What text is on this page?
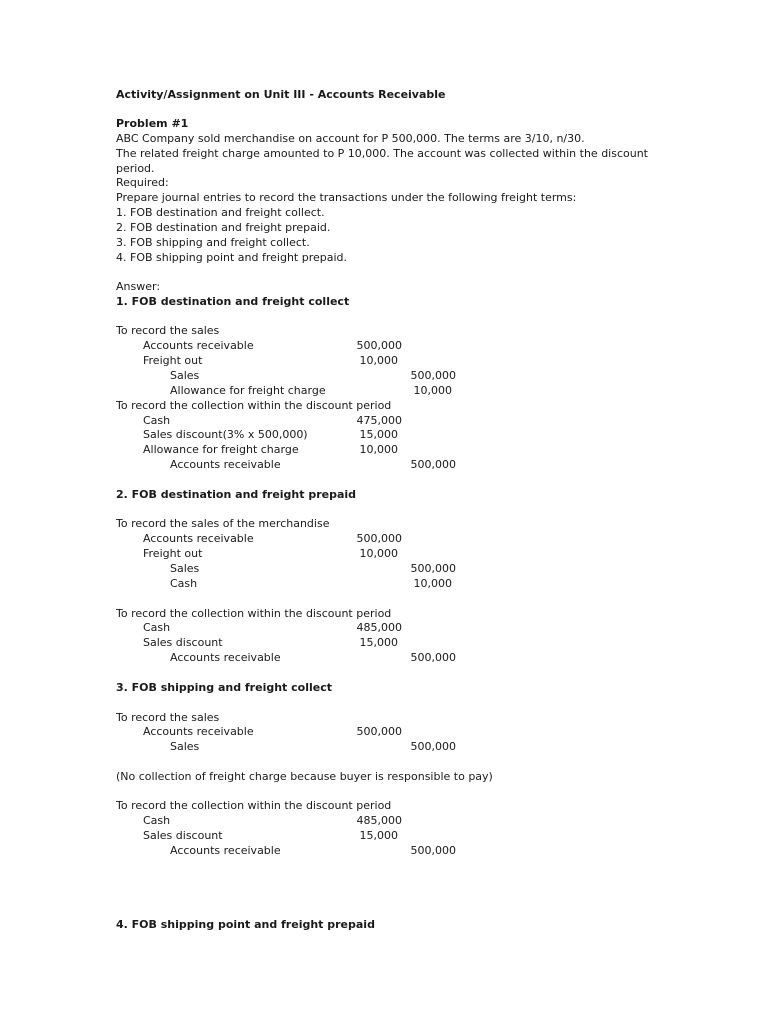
Activity/Assignment on Unit III - Accounts Receivable
Problem #1
ABC Company sold merchandise on account for P 500,000. The terms are 3/10, n/30.
The related freight charge amounted to P 10,000. The account was collected within the discount
period.
Required:
Prepare journal entries to record the transactions under the following freight terms:
1. FOB destination and freight collect.
2. FOB destination and freight prepaid.
3. FOB shipping and freight collect.
4. FOB shipping point and freight prepaid.
Answer:
1. FOB destination and freight collect
To record the sales
Accounts receivable	500,000
Freight out	10,000
Sales	500,000
Allowance for freight charge	10,000
To record the collection within the discount period
Cash	475,000
Sales discount(3% x 500,000)	15,000
Allowance for freight charge	10,000
Accounts receivable	500,000
2. FOB destination and freight prepaid
To record the sales of the merchandise
Accounts receivable	500,000
Freight out	10,000
Sales	500,000
Cash	10,000
To record the collection within the discount period
Cash	485,000
Sales discount	15,000
Accounts receivable	500,000
3. FOB shipping and freight collect
To record the sales
Accounts receivable	500,000
Sales	500,000
(No collection of freight charge because buyer is responsible to pay)
To record the collection within the discount period
Cash	485,000
Sales discount	15,000
Accounts receivable	500,000
4. FOB shipping point and freight prepaid
